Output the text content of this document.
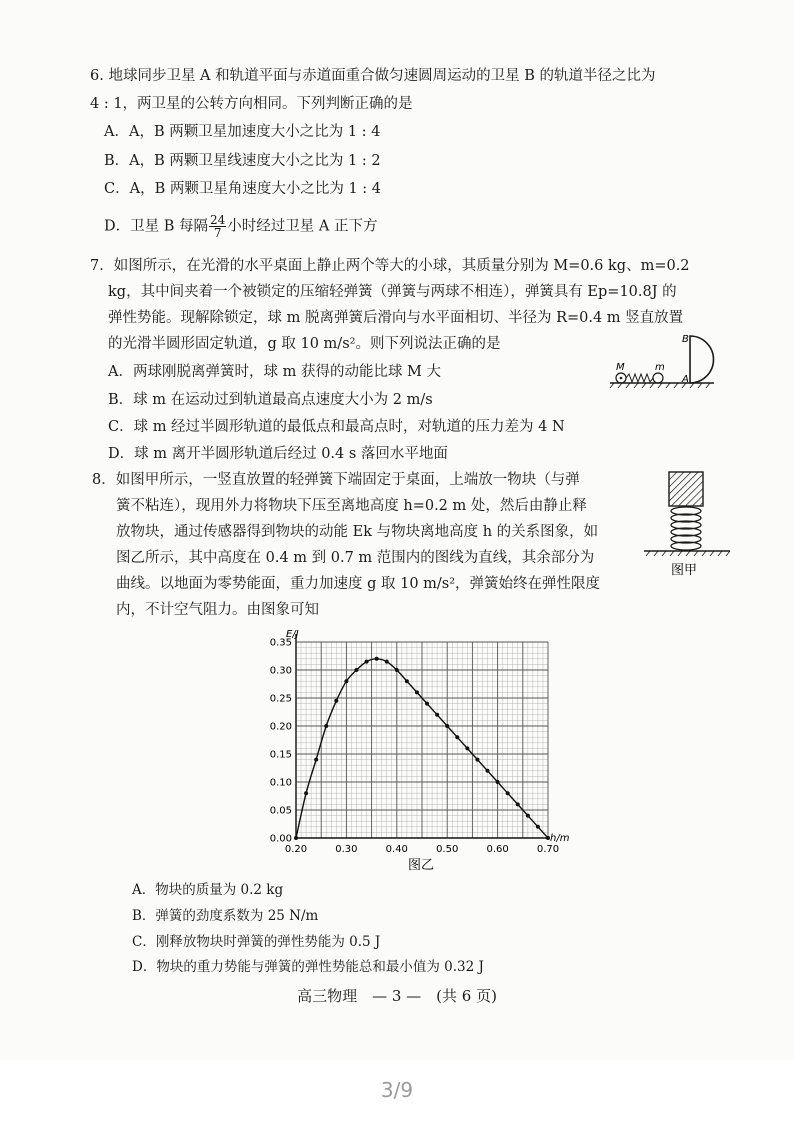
6. 地球同步卫星 A 和轨道平面与赤道面重合做匀速圆周运动的卫星 B 的轨道半径之比为
4 : 1，两卫星的公转方向相同。下列判断正确的是
A．A，B 两颗卫星加速度大小之比为 1 : 4
B．A，B 两颗卫星线速度大小之比为 1 : 2
C．A，B 两颗卫星角速度大小之比为 1 : 4
D．卫星 B 每隔 $\frac{24}{7}$ 小时经过卫星 A 正下方
7．如图所示，在光滑的水平桌面上静止两个等大的小球，其质量分别为 M=0.6 kg、m=0.2
kg，其中间夹着一个被锁定的压缩轻弹簧（弹簧与两球不相连），弹簧具有 Ep=10.8J 的
弹性势能。现解除锁定，球 m 脱离弹簧后滑向与水平面相切、半径为 R=0.4 m 竖直放置
的光滑半圆形固定轨道，g 取 10 m/s²。则下列说法正确的是
A．两球刚脱离弹簧时，球 m 获得的动能比球 M 大
B．球 m 在运动过到轨道最高点速度大小为 2 m/s
C．球 m 经过半圆形轨道的最低点和最高点时，对轨道的压力差为 4 N
D．球 m 离开半圆形轨道后经过 0.4 s 落回水平地面
M	m
A
B
8．如图甲所示，一竖直放置的轻弹簧下端固定于桌面，上端放一物块（与弹
簧不粘连），现用外力将物块下压至离地高度 h=0.2 m 处，然后由静止释
放物块，通过传感器得到物块的动能 Ek 与物块离地高度 h 的关系图象，如
图乙所示，其中高度在 0.4 m 到 0.7 m 范围内的图线为直线，其余部分为
曲线。以地面为零势能面，重力加速度 g 取 10 m/s²，弹簧始终在弹性限度
内，不计空气阻力。由图象可知
图甲
0.00
0.05
0.10
0.15
0.20
0.25
0.30
0.35
0.20	0.30	0.40	0.50	0.60	0.70
E/J
h/m
图乙
A．物块的质量为 0.2 kg
B．弹簧的劲度系数为 25 N/m
C．刚释放物块时弹簧的弹性势能为 0.5 J
D．物块的重力势能与弹簧的弹性势能总和最小值为 0.32 J
高三物理　— 3 —　(共 6 页)
3/9
